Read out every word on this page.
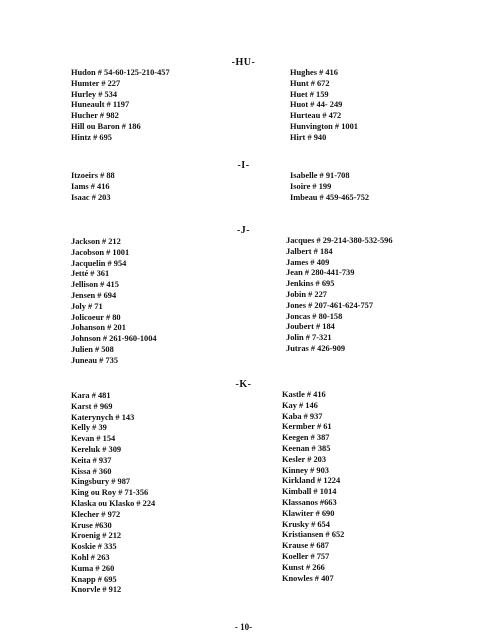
-HU-
Hudon # 54-60-125-210-457
Humter # 227
Hurley # 534
Huneault # 1197
Hucher # 982
Hill ou Baron # 186
Hintz # 695
Hughes # 416
Hunt # 672
Huet # 159
Huot # 44- 249
Hurteau # 472
Hunvington # 1001
Hirt # 940
-I-
Itzoeirs # 88
Iams # 416
Isaac # 203
Isabelle # 91-708
Isoire # 199
Imbeau # 459-465-752
-J-
Jackson # 212
Jacobson # 1001
Jacquelin # 954
Jetté # 361
Jellison # 415
Jensen # 694
Joly # 71
Jolicoeur # 80
Johanson # 201
Johnson # 261-960-1004
Julien # 508
Juneau # 735
Jacques # 29-214-380-532-596
Jalbert # 184
James # 409
Jean # 280-441-739
Jenkins # 695
Jobin # 227
Jones # 207-461-624-757
Joncas # 80-158
Joubert # 184
Jolin # 7-321
Jutras # 426-909
-K-
Kara # 481
Karst # 969
Katerynych # 143
Kelly # 39
Kevan # 154
Kereluk # 309
Keita # 937
Kissa # 360
Kingsbury # 987
King ou Roy # 71-356
Klaska ou Klasko # 224
Klecher # 972
Kruse #630
Kroenig # 212
Koskie # 335
Kohl # 263
Kuma # 260
Knapp # 695
Knorvle # 912
Kastle # 416
Kay # 146
Kaba # 937
Kermber # 61
Keegen # 387
Keenan # 385
Kesler # 203
Kinney # 903
Kirkland # 1224
Kimball # 1014
Klassanos #663
Klawiter # 690
Krusky # 654
Kristiansen # 652
Krause # 687
Koeller # 757
Kunst # 266
Knowles # 407
- 10-
